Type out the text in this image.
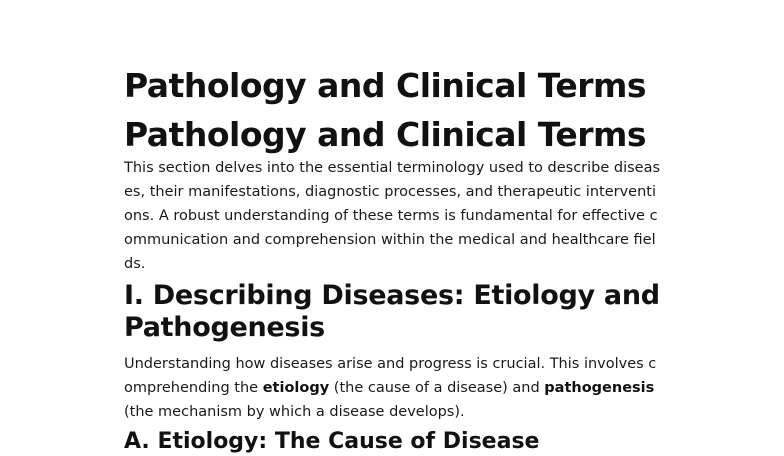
Pathology and Clinical Terms
Pathology and Clinical Terms

This section delves into the essential terminology used to describe diseases, their manifestations, diagnostic processes, and therapeutic interventions. A robust understanding of these terms is fundamental for effective communication and comprehension within the medical and healthcare fields.

I. Describing Diseases: Etiology and Pathogenesis

Understanding how diseases arise and progress is crucial. This involves comprehending the etiology (the cause of a disease) and pathogenesis (the mechanism by which a disease develops).

A. Etiology: The Cause of Disease
